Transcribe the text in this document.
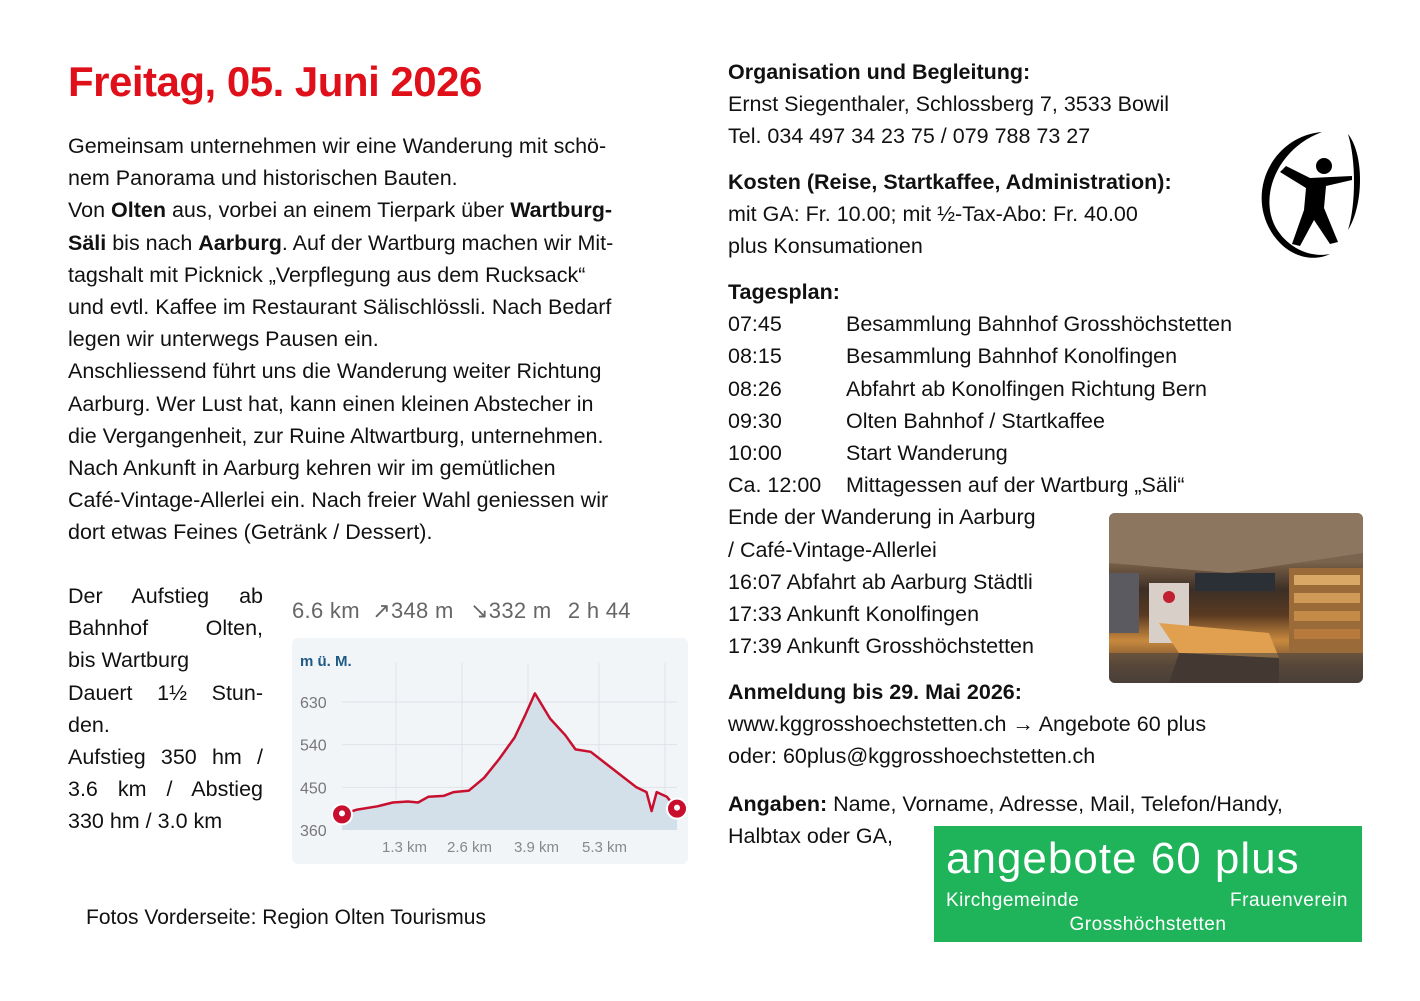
Freitag, 05. Juni 2026

Gemeinsam unternehmen wir eine Wanderung mit schö-

nem Panorama und historischen Bauten.

Von Olten aus, vorbei an einem Tierpark über Wartburg-

Säli bis nach Aarburg. Auf der Wartburg machen wir Mit-

tagshalt mit Picknick „Verpflegung aus dem Rucksack“

und evtl. Kaffee im Restaurant Sälischlössli. Nach Bedarf

legen wir unterwegs Pausen ein.

Anschliessend führt uns die Wanderung weiter Richtung

Aarburg. Wer Lust hat, kann einen kleinen Abstecher in

die Vergangenheit, zur Ruine Altwartburg, unternehmen.

Nach Ankunft in Aarburg kehren wir im gemütlichen

Café-Vintage-Allerlei ein. Nach freier Wahl geniessen wir

dort etwas Feines (Getränk / Dessert).

Der Aufstieg ab
Bahnhof Olten,
bis Wartburg
Dauert 1½ Stun-
den.
Aufstieg 350 hm /
3.6 km / Abstieg
330 hm / 3.0 km
6.6 km ↗348 m ↘332 m 2 h 44
m ü. M.
360
450
540
630
1.3 km 2.6 km 3.9 km 5.3 km
Fotos Vorderseite: Region Olten Tourismus
Organisation und Begleitung:
Ernst Siegenthaler, Schlossberg 7, 3533 Bowil
Tel. 034 497 34 23 75 / 079 788 73 27
Kosten (Reise, Startkaffee, Administration):
mit GA: Fr. 10.00; mit ½-Tax-Abo: Fr. 40.00
plus Konsumationen
Tagesplan:
07:45	Besammlung Bahnhof Grosshöchstetten
08:15	Besammlung Bahnhof Konolfingen
08:26	Abfahrt ab Konolfingen Richtung Bern
09:30	Olten Bahnhof / Startkaffee
10:00	Start Wanderung
Ca. 12:00	Mittagessen auf der Wartburg „Säli“
Ende der Wanderung in Aarburg
/ Café-Vintage-Allerlei
16:07 Abfahrt ab Aarburg Städtli
17:33 Ankunft Konolfingen
17:39 Ankunft Grosshöchstetten
Anmeldung bis 29. Mai 2026:
www.kggrosshoechstetten.ch → Angebote 60 plus
oder: 60plus@kggrosshoechstetten.ch
Angaben: Name, Vorname, Adresse, Mail, Telefon/Handy,
Halbtax oder GA,	angebote 60 plus
Kirchgemeinde	Frauenverein
Grosshöchstetten
